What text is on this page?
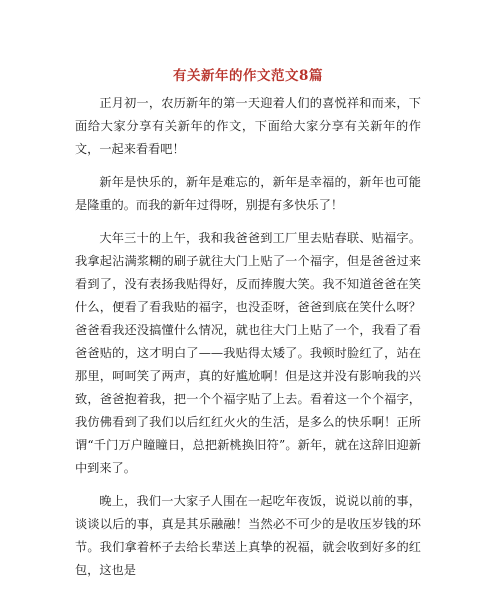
有关新年的作文范文8篇

正月初一，农历新年的第一天迎着人们的喜悦祥和而来，下面给大家分享有关新年的作文，下面给大家分享有关新年的作文，一起来看看吧！

新年是快乐的，新年是难忘的，新年是幸福的，新年也可能是隆重的。而我的新年过得呀，别提有多快乐了！

大年三十的上午，我和我爸爸到工厂里去贴春联、贴福字。我拿起沾满浆糊的刷子就往大门上贴了一个福字，但是爸爸过来看到了，没有表扬我贴得好，反而捧腹大笑。我不知道爸爸在笑什么，便看了看我贴的福字，也没歪呀，爸爸到底在笑什么呀？爸爸看我还没搞懂什么情况，就也往大门上贴了一个，我看了看爸爸贴的，这才明白了——我贴得太矮了。我顿时脸红了，站在那里，呵呵笑了两声，真的好尴尬啊！但是这并没有影响我的兴致，爸爸抱着我，把一个个福字贴了上去。看着这一个个福字，我仿佛看到了我们以后红红火火的生活，是多么的快乐啊！正所谓“千门万户瞳瞳日，总把新桃换旧符”。新年，就在这辞旧迎新中到来了。

晚上，我们一大家子人围在一起吃年夜饭，说说以前的事，谈谈以后的事，真是其乐融融！当然必不可少的是收压岁钱的环节。我们拿着杯子去给长辈送上真挚的祝福，就会收到好多的红包，这也是
